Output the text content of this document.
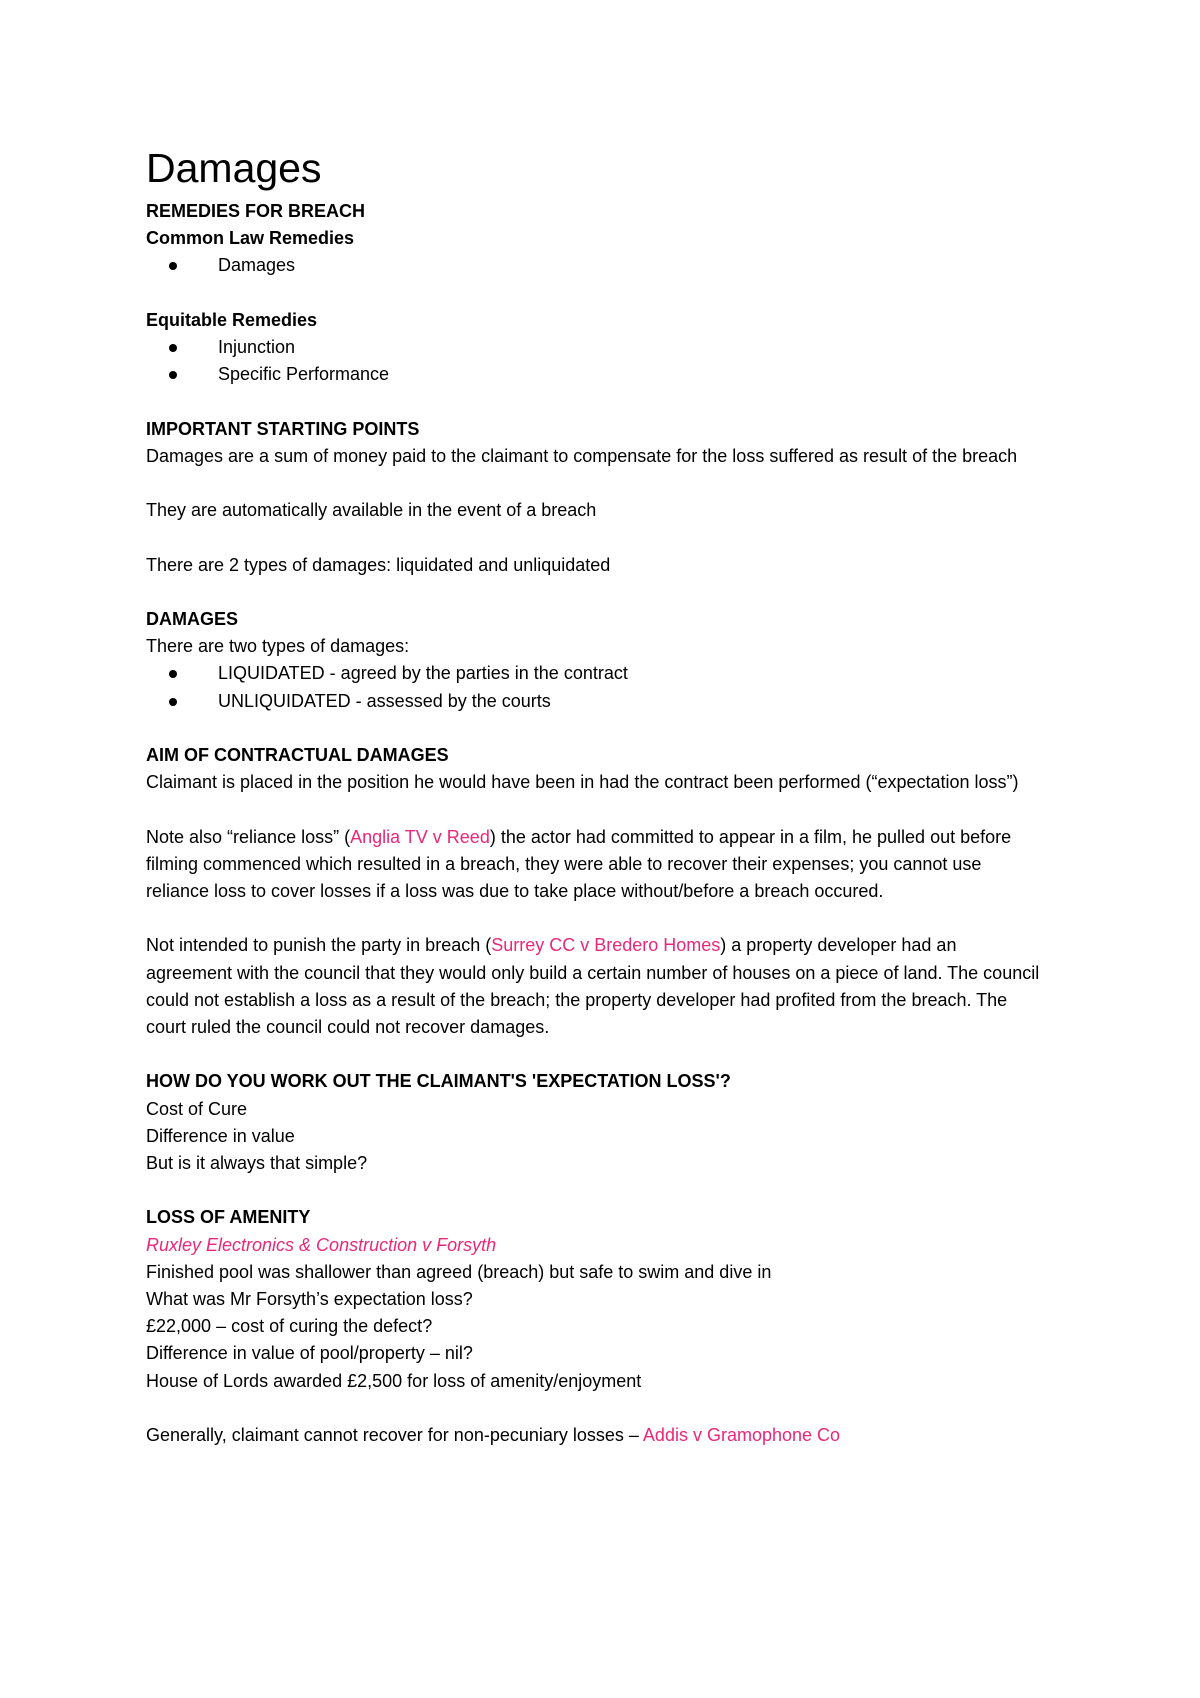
Damages
REMEDIES FOR BREACH
Common Law Remedies
Damages
Equitable Remedies
Injunction
Specific Performance
IMPORTANT STARTING POINTS

Damages are a sum of money paid to the claimant to compensate for the loss suffered as result of the breach

They are automatically available in the event of a breach

There are 2 types of damages: liquidated and unliquidated

DAMAGES

There are two types of damages:

LIQUIDATED - agreed by the parties in the contract
UNLIQUIDATED - assessed by the courts
AIM OF CONTRACTUAL DAMAGES

Claimant is placed in the position he would have been in had the contract been performed (“expectation loss”)

Note also “reliance loss” (Anglia TV v Reed) the actor had committed to appear in a film, he pulled out before filming commenced which resulted in a breach, they were able to recover their expenses; you cannot use reliance loss to cover losses if a loss was due to take place without/before a breach occured.

Not intended to punish the party in breach (Surrey CC v Bredero Homes) a property developer had an agreement with the council that they would only build a certain number of houses on a piece of land. The council could not establish a loss as a result of the breach; the property developer had profited from the breach. The court ruled the council could not recover damages.

HOW DO YOU WORK OUT THE CLAIMANT'S 'EXPECTATION LOSS'?

Cost of Cure

Difference in value

But is it always that simple?

LOSS OF AMENITY

Ruxley Electronics & Construction v Forsyth

Finished pool was shallower than agreed (breach) but safe to swim and dive in

What was Mr Forsyth’s expectation loss?

£22,000 – cost of curing the defect?

Difference in value of pool/property – nil?

House of Lords awarded £2,500 for loss of amenity/enjoyment

Generally, claimant cannot recover for non-pecuniary losses – Addis v Gramophone Co
